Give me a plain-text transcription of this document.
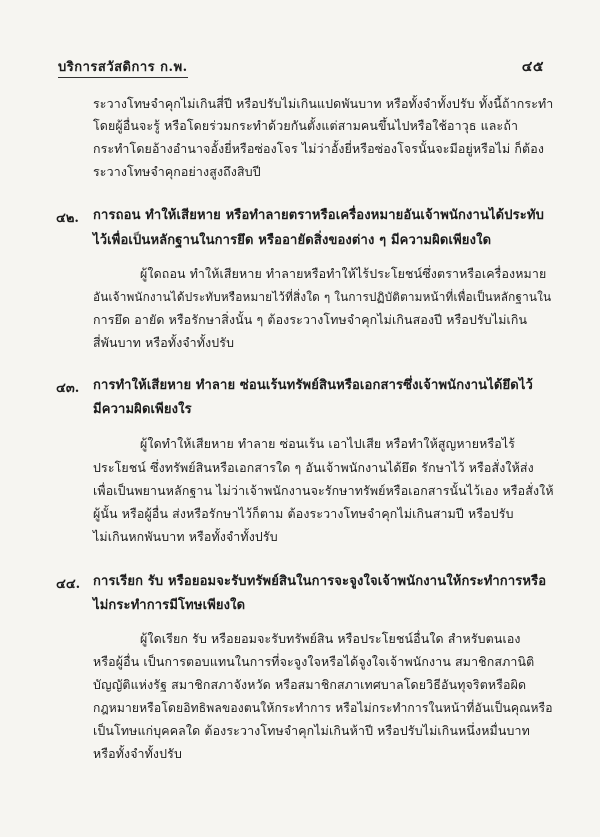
บริการสวัสดิการ ก.พ.	๔๕
ระวางโทษจำคุกไม่เกินสี่ปี หรือปรับไม่เกินแปดพันบาท หรือทั้งจำทั้งปรับ ทั้งนี้ถ้ากระทำ
โดยผู้อื่นจะรู้ หรือโดยร่วมกระทำด้วยกันตั้งแต่สามคนขึ้นไปหรือใช้อาวุธ และถ้า
กระทำโดยอ้างอำนาจอั้งยี่หรือซ่องโจร ไม่ว่าอั้งยี่หรือซ่องโจรนั้นจะมีอยู่หรือไม่ ก็ต้อง
ระวางโทษจำคุกอย่างสูงถึงสิบปี
๔๒. การถอน ทำให้เสียหาย หรือทำลายตราหรือเครื่องหมายอันเจ้าพนักงานได้ประทับ
ไว้เพื่อเป็นหลักฐานในการยึด หรืออายัดสิ่งของต่าง ๆ มีความผิดเพียงใด
ผู้ใดถอน ทำให้เสียหาย ทำลายหรือทำให้ไร้ประโยชน์ซึ่งตราหรือเครื่องหมาย
อันเจ้าพนักงานได้ประทับหรือหมายไว้ที่สิ่งใด ๆ ในการปฏิบัติตามหน้าที่เพื่อเป็นหลักฐานใน
การยึด อายัด หรือรักษาสิ่งนั้น ๆ ต้องระวางโทษจำคุกไม่เกินสองปี หรือปรับไม่เกิน
สี่พันบาท หรือทั้งจำทั้งปรับ
๔๓. การทำให้เสียหาย ทำลาย ซ่อนเร้นทรัพย์สินหรือเอกสารซึ่งเจ้าพนักงานได้ยึดไว้
มีความผิดเพียงใร
ผู้ใดทำให้เสียหาย ทำลาย ซ่อนเร้น เอาไปเสีย หรือทำให้สูญหายหรือไร้
ประโยชน์ ซึ่งทรัพย์สินหรือเอกสารใด ๆ อันเจ้าพนักงานได้ยึด รักษาไว้ หรือสั่งให้ส่ง
เพื่อเป็นพยานหลักฐาน ไม่ว่าเจ้าพนักงานจะรักษาทรัพย์หรือเอกสารนั้นไว้เอง หรือสั่งให้
ผู้นั้น หรือผู้อื่น ส่งหรือรักษาไว้ก็ตาม ต้องระวางโทษจำคุกไม่เกินสามปี หรือปรับ
ไม่เกินหกพันบาท หรือทั้งจำทั้งปรับ
๔๔. การเรียก รับ หรือยอมจะรับทรัพย์สินในการจะจูงใจเจ้าพนักงานให้กระทำการหรือ
ไม่กระทำการมีโทษเพียงใด
ผู้ใดเรียก รับ หรือยอมจะรับทรัพย์สิน หรือประโยชน์อื่นใด สำหรับตนเอง
หรือผู้อื่น เป็นการตอบแทนในการที่จะจูงใจหรือได้จูงใจเจ้าพนักงาน สมาชิกสภานิติ
บัญญัติแห่งรัฐ สมาชิกสภาจังหวัด หรือสมาชิกสภาเทศบาลโดยวิธีอันทุจริตหรือผิด
กฎหมายหรือโดยอิทธิพลของตนให้กระทำการ หรือไม่กระทำการในหน้าที่อันเป็นคุณหรือ
เป็นโทษแก่บุคคลใด ต้องระวางโทษจำคุกไม่เกินห้าปี หรือปรับไม่เกินหนึ่งหมื่นบาท
หรือทั้งจำทั้งปรับ
